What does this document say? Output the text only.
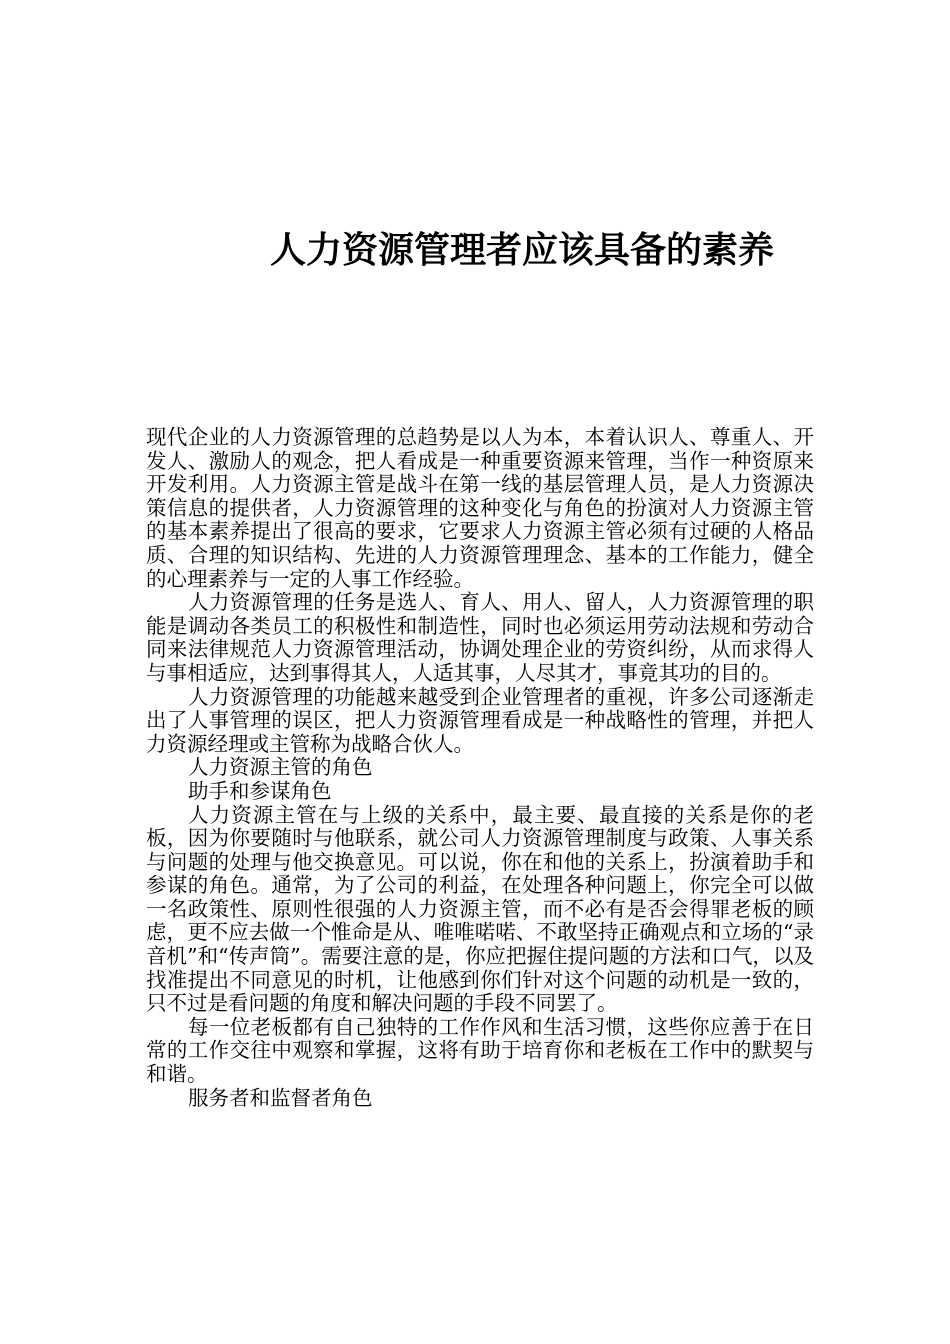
人力资源管理者应该具备的素养

现代企业的人力资源管理的总趋势是以人为本，本着认识人、尊重人、开发人、激励人的观念，把人看成是一种重要资源来管理，当作一种资原来开发利用。人力资源主管是战斗在第一线的基层管理人员，是人力资源决策信息的提供者，人力资源管理的这种变化与角色的扮演对人力资源主管的基本素养提出了很高的要求，它要求人力资源主管必须有过硬的人格品质、合理的知识结构、先进的人力资源管理理念、基本的工作能力，健全的心理素养与一定的人事工作经验。

人力资源管理的任务是选人、育人、用人、留人，人力资源管理的职能是调动各类员工的积极性和制造性，同时也必须运用劳动法规和劳动合同来法律规范人力资源管理活动，协调处理企业的劳资纠纷，从而求得人与事相适应，达到事得其人，人适其事，人尽其才，事竟其功的目的。

人力资源管理的功能越来越受到企业管理者的重视，许多公司逐渐走出了人事管理的误区，把人力资源管理看成是一种战略性的管理，并把人力资源经理或主管称为战略合伙人。

人力资源主管的角色

助手和参谋角色

人力资源主管在与上级的关系中，最主要、最直接的关系是你的老板，因为你要随时与他联系，就公司人力资源管理制度与政策、人事关系与问题的处理与他交换意见。可以说，你在和他的关系上，扮演着助手和参谋的角色。通常，为了公司的利益，在处理各种问题上，你完全可以做一名政策性、原则性很强的人力资源主管，而不必有是否会得罪老板的顾虑，更不应去做一个惟命是从、唯唯喏喏、不敢坚持正确观点和立场的“录音机”和“传声筒”。需要注意的是，你应把握住提问题的方法和口气，以及找准提出不同意见的时机，让他感到你们针对这个问题的动机是一致的，只不过是看问题的角度和解决问题的手段不同罢了。

每一位老板都有自己独特的工作作风和生活习惯，这些你应善于在日常的工作交往中观察和掌握，这将有助于培育你和老板在工作中的默契与和谐。

服务者和监督者角色
